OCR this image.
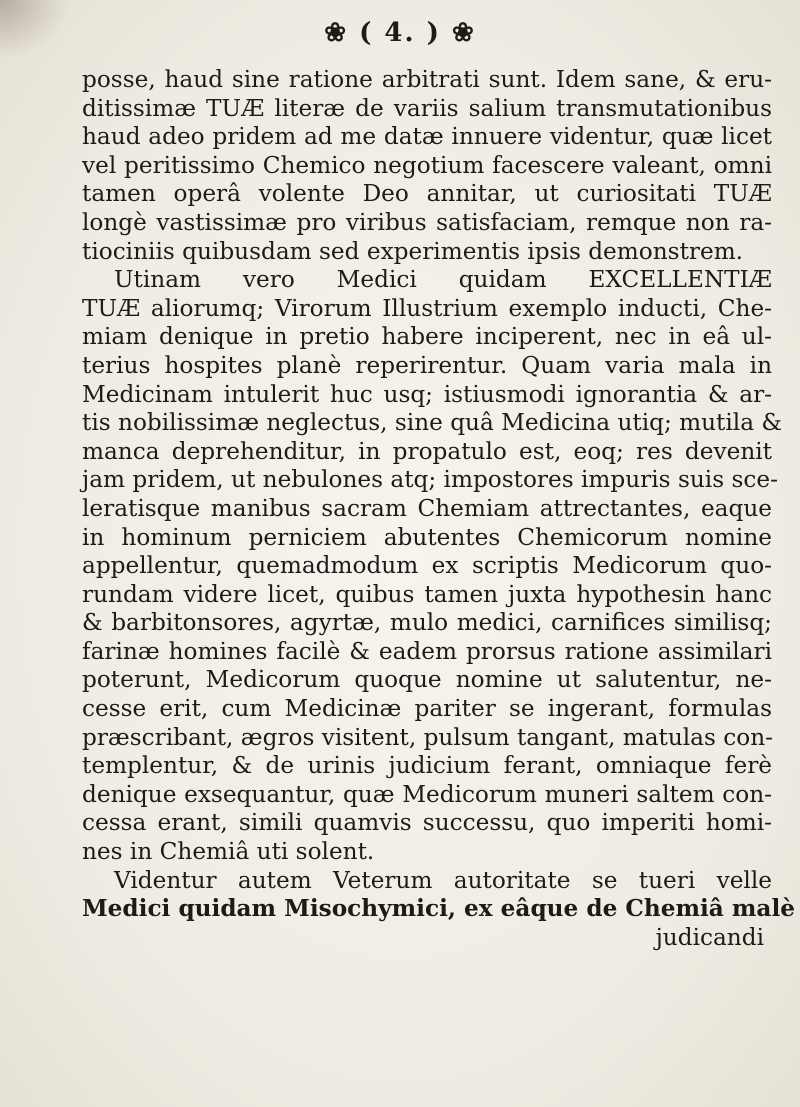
❀ ( 4. ) ❀
posse, haud sine ratione arbitrati sunt. Idem sane, & eru-
ditissimæ TUÆ literæ de variis salium transmutationibus
haud adeo pridem ad me datæ innuere videntur, quæ licet
vel peritissimo Chemico negotium facescere valeant, omni
tamen operâ volente Deo annitar, ut curiositati TUÆ
longè vastissimæ pro viribus satisfaciam, remque non ra-
tiociniis quibusdam sed experimentis ipsis demonstrem.
Utinam vero Medici quidam EXCELLENTIÆ
TUÆ aliorumq; Virorum Illustrium exemplo inducti, Che-
miam denique in pretio habere inciperent, nec in eâ ul-
terius hospites planè reperirentur. Quam varia mala in
Medicinam intulerit huc usq; istiusmodi ignorantia & ar-
tis nobilissimæ neglectus, sine quâ Medicina utiq; mutila &
manca deprehenditur, in propatulo est, eoq; res devenit
jam pridem, ut nebulones atq; impostores impuris suis sce-
leratisque manibus sacram Chemiam attrectantes, eaque
in hominum perniciem abutentes Chemicorum nomine
appellentur, quemadmodum ex scriptis Medicorum quo-
rundam videre licet, quibus tamen juxta hypothesin hanc
& barbitonsores, agyrtæ, mulo medici, carnifices similisq;
farinæ homines facilè & eadem prorsus ratione assimilari
poterunt, Medicorum quoque nomine ut salutentur, ne-
cesse erit, cum Medicinæ pariter se ingerant, formulas
præscribant, ægros visitent, pulsum tangant, matulas con-
templentur, & de urinis judicium ferant, omniaque ferè
denique exsequantur, quæ Medicorum muneri saltem con-
cessa erant, simili quamvis successu, quo imperiti homi-
nes in Chemiâ uti solent.
Videntur autem Veterum autoritate se tueri velle
Medici quidam Misochymici, ex eâque de Chemiâ malè
judicandi
